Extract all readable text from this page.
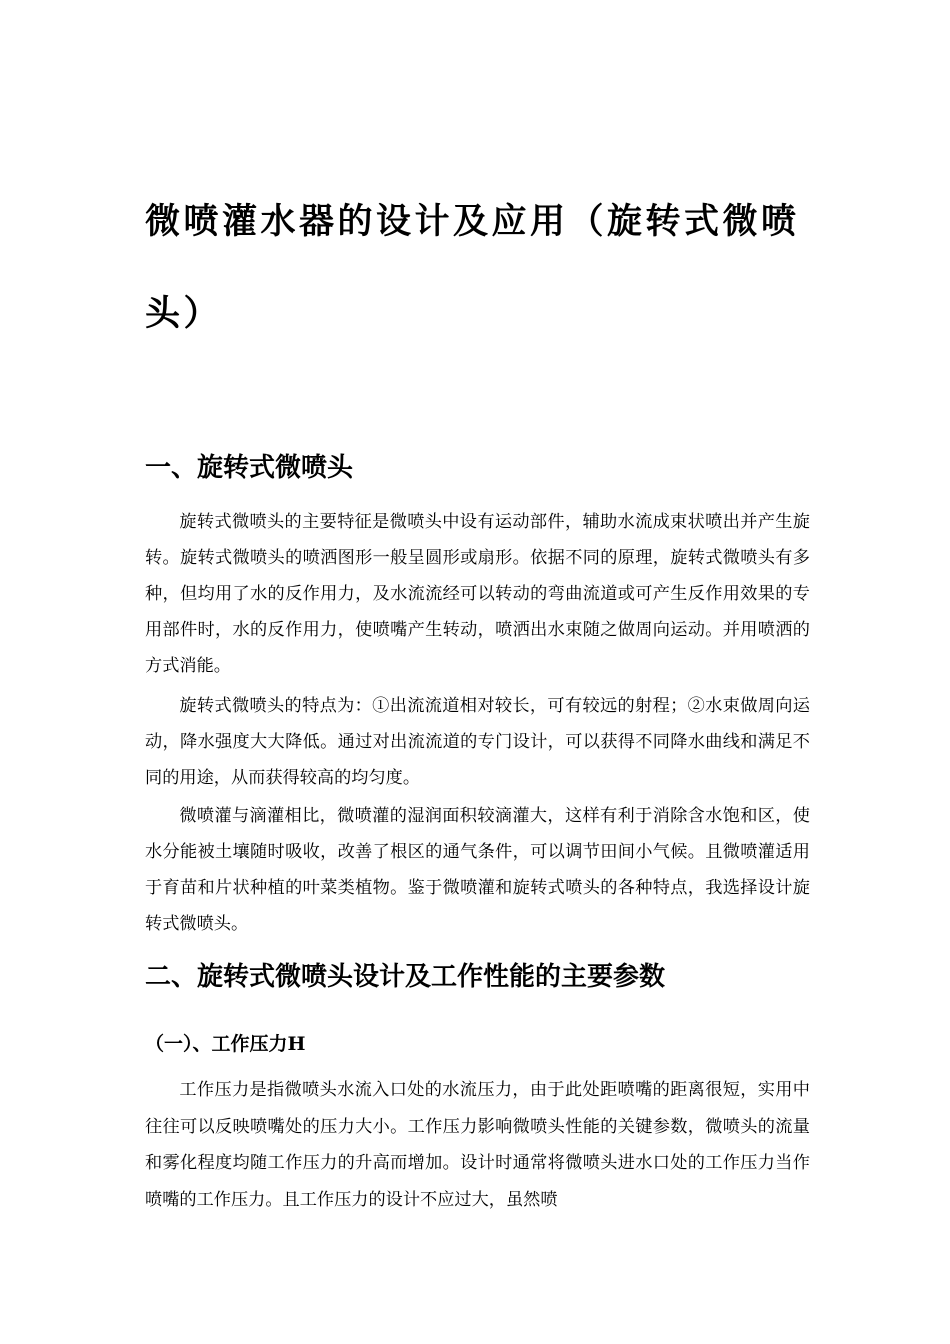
微喷灌水器的设计及应用（旋转式微喷头）
一、旋转式微喷头

旋转式微喷头的主要特征是微喷头中设有运动部件，辅助水流成束状喷出并产生旋转。旋转式微喷头的喷洒图形一般呈圆形或扇形。依据不同的原理，旋转式微喷头有多种，但均用了水的反作用力，及水流流经可以转动的弯曲流道或可产生反作用效果的专用部件时，水的反作用力，使喷嘴产生转动，喷洒出水束随之做周向运动。并用喷洒的方式消能。

旋转式微喷头的特点为：①出流流道相对较长，可有较远的射程；②水束做周向运动，降水强度大大降低。通过对出流流道的专门设计，可以获得不同降水曲线和满足不同的用途，从而获得较高的均匀度。

微喷灌与滴灌相比，微喷灌的湿润面积较滴灌大，这样有利于消除含水饱和区，使水分能被土壤随时吸收，改善了根区的通气条件，可以调节田间小气候。且微喷灌适用于育苗和片状种植的叶菜类植物。鉴于微喷灌和旋转式喷头的各种特点，我选择设计旋转式微喷头。

二、旋转式微喷头设计及工作性能的主要参数
（一）、工作压力H

工作压力是指微喷头水流入口处的水流压力，由于此处距喷嘴的距离很短，实用中往往可以反映喷嘴处的压力大小。工作压力影响微喷头性能的关键参数，微喷头的流量和雾化程度均随工作压力的升高而增加。设计时通常将微喷头进水口处的工作压力当作喷嘴的工作压力。且工作压力的设计不应过大，虽然喷
